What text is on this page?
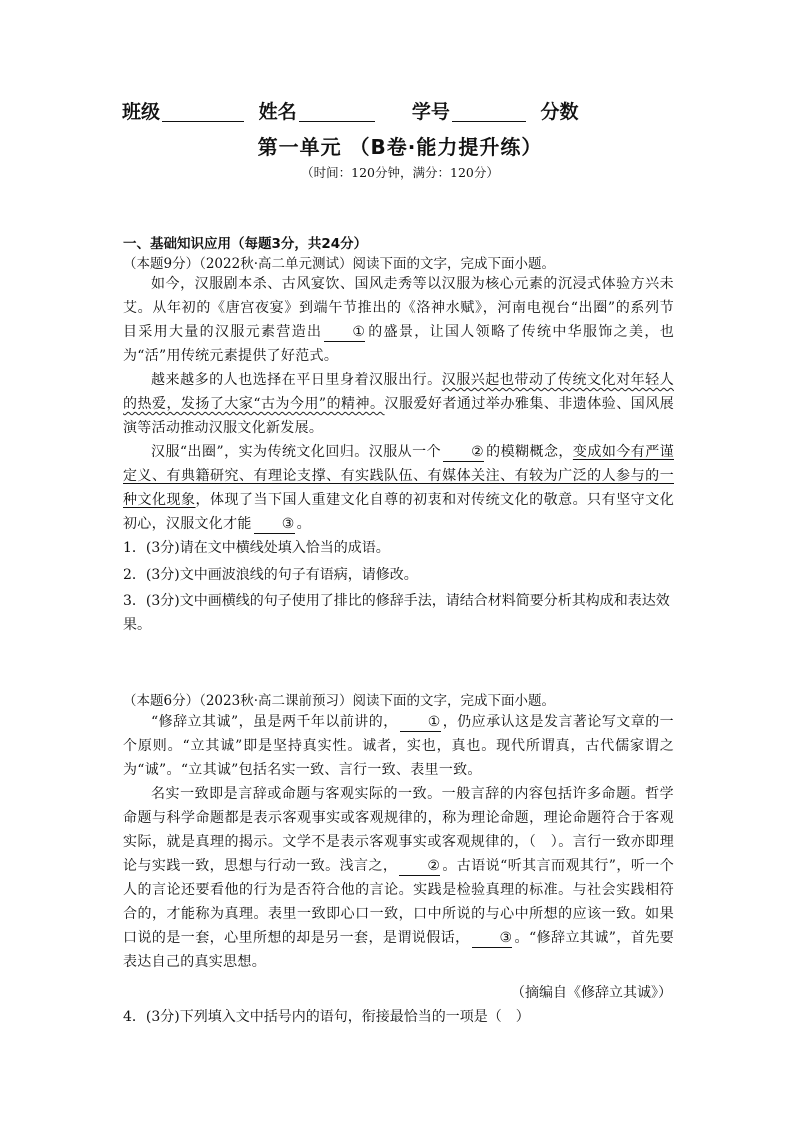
班级	姓名	学号	分数
第一单元 （B卷·能力提升练）
（时间：120分钟，满分：120分）
一、基础知识应用（每题3分，共24分）
（本题9分）（2022秋·高二单元测试）阅读下面的文字，完成下面小题。

如今，汉服剧本杀、古风宴饮、国风走秀等以汉服为核心元素的沉浸式体验方兴未艾。从年初的《唐宫夜宴》到端午节推出的《洛神水赋》，河南电视台“出圈”的系列节目采用大量的汉服元素营造出 ① 的盛景，让国人领略了传统中华服饰之美，也为“活”用传统元素提供了好范式。

越来越多的人也选择在平日里身着汉服出行。汉服兴起也带动了传统文化对年轻人的热爱，发扬了大家“古为今用”的精神。汉服爱好者通过举办雅集、非遗体验、国风展演等活动推动汉服文化新发展。

汉服“出圈”，实为传统文化回归。汉服从一个 ② 的模糊概念，变成如今有严谨定义、有典籍研究、有理论支撑、有实践队伍、有媒体关注、有较为广泛的人参与的一种文化现象，体现了当下国人重建文化自尊的初衷和对传统文化的敬意。只有坚守文化初心，汉服文化才能 ③ 。

1．(3分)请在文中横线处填入恰当的成语。
2．(3分)文中画波浪线的句子有语病，请修改。
3．(3分)文中画横线的句子使用了排比的修辞手法，请结合材料简要分析其构成和表达效果。
（本题6分）（2023秋·高二课前预习）阅读下面的文字，完成下面小题。

“修辞立其诚”，虽是两千年以前讲的， ① ，仍应承认这是发言著论写文章的一个原则。“立其诚”即是坚持真实性。诚者，实也，真也。现代所谓真，古代儒家谓之为“诚”。“立其诚”包括名实一致、言行一致、表里一致。

名实一致即是言辞或命题与客观实际的一致。一般言辞的内容包括许多命题。哲学命题与科学命题都是表示客观事实或客观规律的，称为理论命题，理论命题符合于客观实际，就是真理的揭示。文学不是表示客观事实或客观规律的，（　）。言行一致亦即理论与实践一致，思想与行动一致。浅言之， ② 。古语说“听其言而观其行”，听一个人的言论还要看他的行为是否符合他的言论。实践是检验真理的标准。与社会实践相符合的，才能称为真理。表里一致即心口一致，口中所说的与心中所想的应该一致。如果口说的是一套，心里所想的却是另一套，是谓说假话， ③ 。“修辞立其诚”，首先要表达自己的真实思想。

（摘编自《修辞立其诚》）
4．(3分)下列填入文中括号内的语句，衔接最恰当的一项是（　）
